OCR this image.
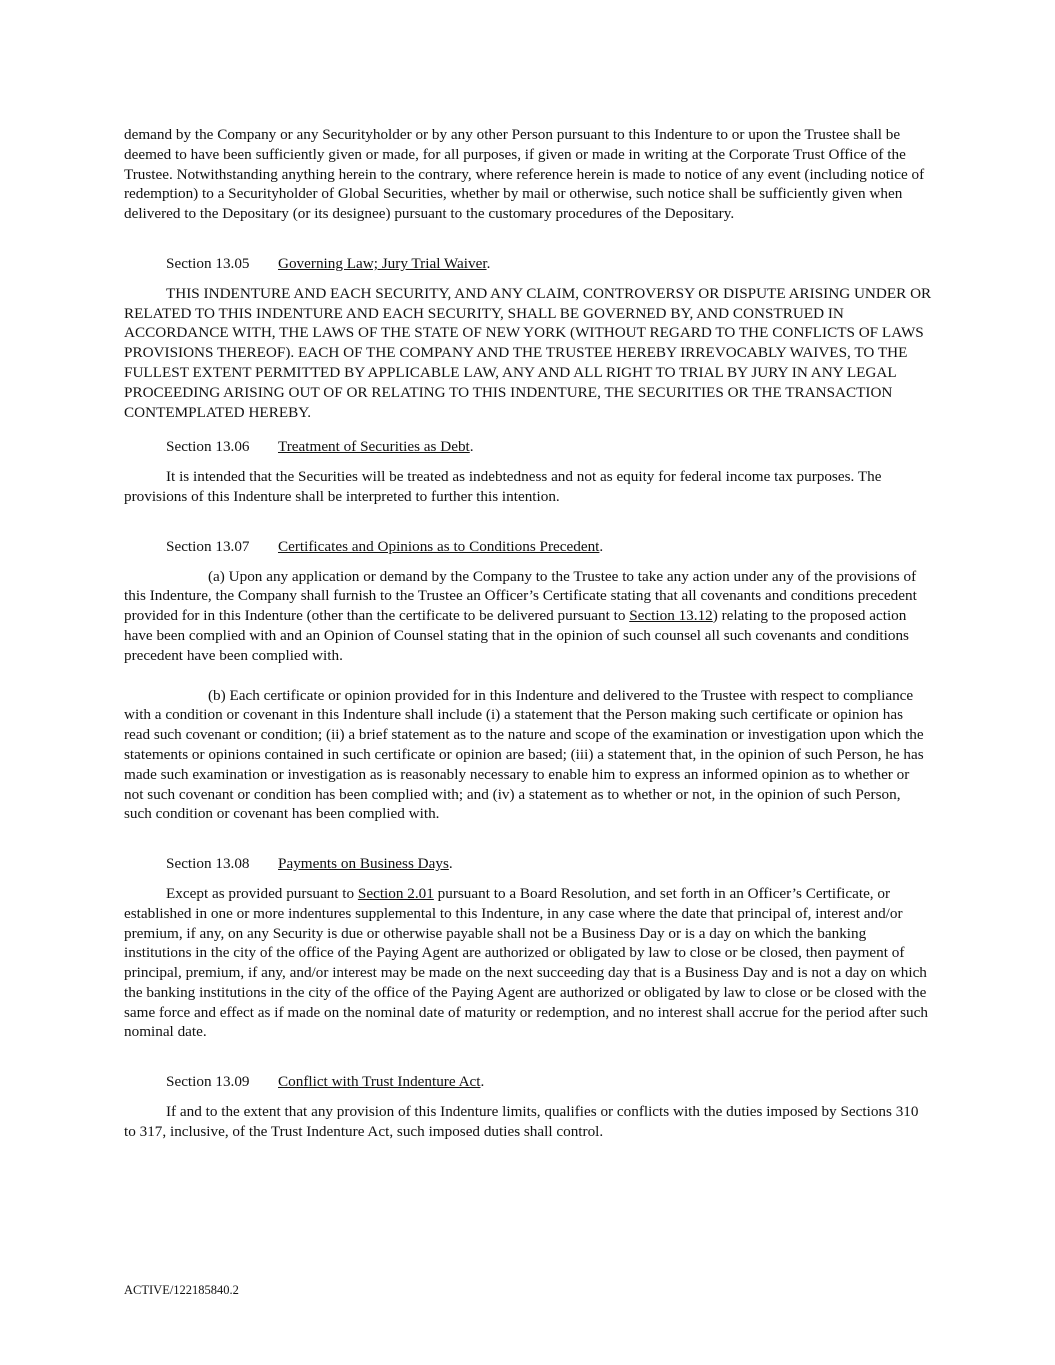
demand by the Company or any Securityholder or by any other Person pursuant to this Indenture to or upon the Trustee shall be deemed to have been sufficiently given or made, for all purposes, if given or made in writing at the Corporate Trust Office of the Trustee. Notwithstanding anything herein to the contrary, where reference herein is made to notice of any event (including notice of redemption) to a Securityholder of Global Securities, whether by mail or otherwise, such notice shall be sufficiently given when delivered to the Depositary (or its designee) pursuant to the customary procedures of the Depositary.

Section 13.05 Governing Law; Jury Trial Waiver.

THIS INDENTURE AND EACH SECURITY, AND ANY CLAIM, CONTROVERSY OR DISPUTE ARISING UNDER OR RELATED TO THIS INDENTURE AND EACH SECURITY, SHALL BE GOVERNED BY, AND CONSTRUED IN ACCORDANCE WITH, THE LAWS OF THE STATE OF NEW YORK (WITHOUT REGARD TO THE CONFLICTS OF LAWS PROVISIONS THEREOF). EACH OF THE COMPANY AND THE TRUSTEE HEREBY IRREVOCABLY WAIVES, TO THE FULLEST EXTENT PERMITTED BY APPLICABLE LAW, ANY AND ALL RIGHT TO TRIAL BY JURY IN ANY LEGAL PROCEEDING ARISING OUT OF OR RELATING TO THIS INDENTURE, THE SECURITIES OR THE TRANSACTION CONTEMPLATED HEREBY.

Section 13.06 Treatment of Securities as Debt.

It is intended that the Securities will be treated as indebtedness and not as equity for federal income tax purposes. The provisions of this Indenture shall be interpreted to further this intention.

Section 13.07 Certificates and Opinions as to Conditions Precedent.

(a) Upon any application or demand by the Company to the Trustee to take any action under any of the provisions of this Indenture, the Company shall furnish to the Trustee an Officer’s Certificate stating that all covenants and conditions precedent provided for in this Indenture (other than the certificate to be delivered pursuant to Section 13.12) relating to the proposed action have been complied with and an Opinion of Counsel stating that in the opinion of such counsel all such covenants and conditions precedent have been complied with.

(b) Each certificate or opinion provided for in this Indenture and delivered to the Trustee with respect to compliance with a condition or covenant in this Indenture shall include (i) a statement that the Person making such certificate or opinion has read such covenant or condition; (ii) a brief statement as to the nature and scope of the examination or investigation upon which the statements or opinions contained in such certificate or opinion are based; (iii) a statement that, in the opinion of such Person, he has made such examination or investigation as is reasonably necessary to enable him to express an informed opinion as to whether or not such covenant or condition has been complied with; and (iv) a statement as to whether or not, in the opinion of such Person, such condition or covenant has been complied with.

Section 13.08 Payments on Business Days.

Except as provided pursuant to Section 2.01 pursuant to a Board Resolution, and set forth in an Officer’s Certificate, or established in one or more indentures supplemental to this Indenture, in any case where the date that principal of, interest and/or premium, if any, on any Security is due or otherwise payable shall not be a Business Day or is a day on which the banking institutions in the city of the office of the Paying Agent are authorized or obligated by law to close or be closed, then payment of principal, premium, if any, and/or interest may be made on the next succeeding day that is a Business Day and is not a day on which the banking institutions in the city of the office of the Paying Agent are authorized or obligated by law to close or be closed with the same force and effect as if made on the nominal date of maturity or redemption, and no interest shall accrue for the period after such nominal date.

Section 13.09 Conflict with Trust Indenture Act.

If and to the extent that any provision of this Indenture limits, qualifies or conflicts with the duties imposed by Sections 310 to 317, inclusive, of the Trust Indenture Act, such imposed duties shall control.

ACTIVE/122185840.2
